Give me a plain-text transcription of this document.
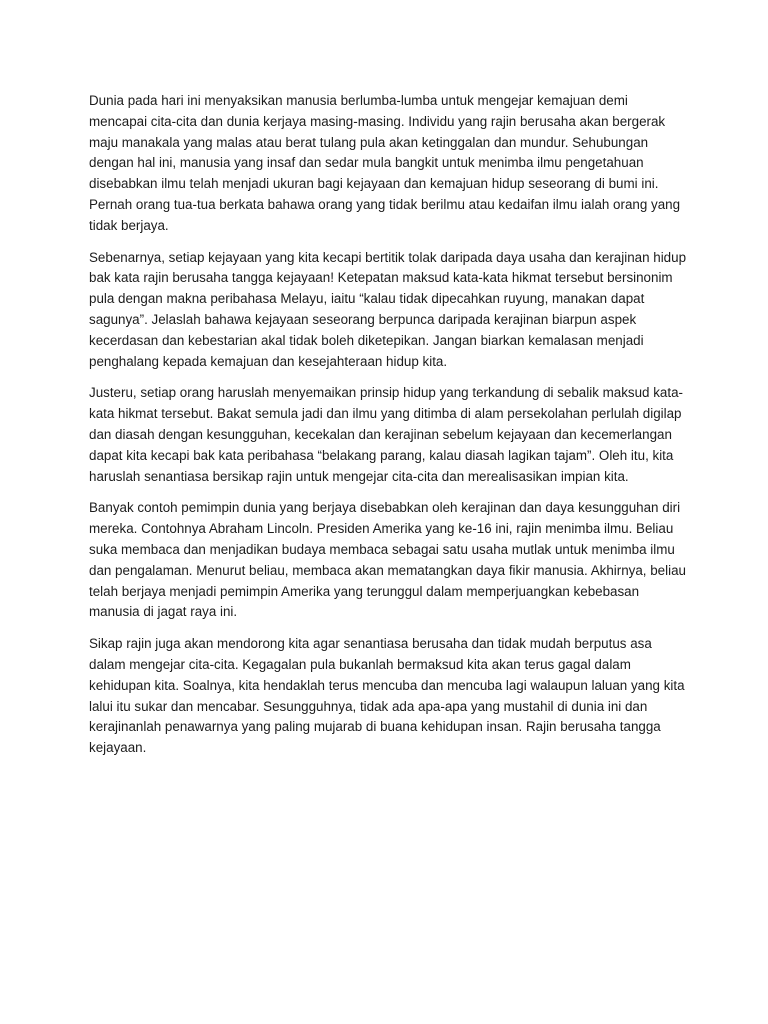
Dunia pada hari ini menyaksikan manusia berlumba-lumba untuk mengejar kemajuan demi mencapai cita-cita dan dunia kerjaya masing-masing. Individu yang rajin berusaha akan bergerak maju manakala yang malas atau berat tulang pula akan ketinggalan dan mundur. Sehubungan dengan hal ini, manusia yang insaf dan sedar mula bangkit untuk menimba ilmu pengetahuan disebabkan ilmu telah menjadi ukuran bagi kejayaan dan kemajuan hidup seseorang di bumi ini. Pernah orang tua-tua berkata bahawa orang yang tidak berilmu atau kedaifan ilmu ialah orang yang tidak berjaya.

Sebenarnya, setiap kejayaan yang kita kecapi bertitik tolak daripada daya usaha dan kerajinan hidup bak kata rajin berusaha tangga kejayaan! Ketepatan maksud kata-kata hikmat tersebut bersinonim pula dengan makna peribahasa Melayu, iaitu “kalau tidak dipecahkan ruyung, manakan dapat sagunya”. Jelaslah bahawa kejayaan seseorang berpunca daripada kerajinan biarpun aspek kecerdasan dan kebestarian akal tidak boleh diketepikan. Jangan biarkan kemalasan menjadi penghalang kepada kemajuan dan kesejahteraan hidup kita.

Justeru, setiap orang haruslah menyemaikan prinsip hidup yang terkandung di sebalik maksud kata-kata hikmat tersebut. Bakat semula jadi dan ilmu yang ditimba di alam persekolahan perlulah digilap dan diasah dengan kesungguhan, kecekalan dan kerajinan sebelum kejayaan dan kecemerlangan dapat kita kecapi bak kata peribahasa “belakang parang, kalau diasah lagikan tajam”. Oleh itu, kita haruslah senantiasa bersikap rajin untuk mengejar cita-cita dan merealisasikan impian kita.

Banyak contoh pemimpin dunia yang berjaya disebabkan oleh kerajinan dan daya kesungguhan diri mereka. Contohnya Abraham Lincoln. Presiden Amerika yang ke-16 ini, rajin menimba ilmu. Beliau suka membaca dan menjadikan budaya membaca sebagai satu usaha mutlak untuk menimba ilmu dan pengalaman. Menurut beliau, membaca akan mematangkan daya fikir manusia. Akhirnya, beliau telah berjaya menjadi pemimpin Amerika yang terunggul dalam memperjuangkan kebebasan manusia di jagat raya ini.

Sikap rajin juga akan mendorong kita agar senantiasa berusaha dan tidak mudah berputus asa dalam mengejar cita-cita. Kegagalan pula bukanlah bermaksud kita akan terus gagal dalam kehidupan kita. Soalnya, kita hendaklah terus mencuba dan mencuba lagi walaupun laluan yang kita lalui itu sukar dan mencabar. Sesungguhnya, tidak ada apa-apa yang mustahil di dunia ini dan kerajinanlah penawarnya yang paling mujarab di buana kehidupan insan. Rajin berusaha tangga kejayaan.
